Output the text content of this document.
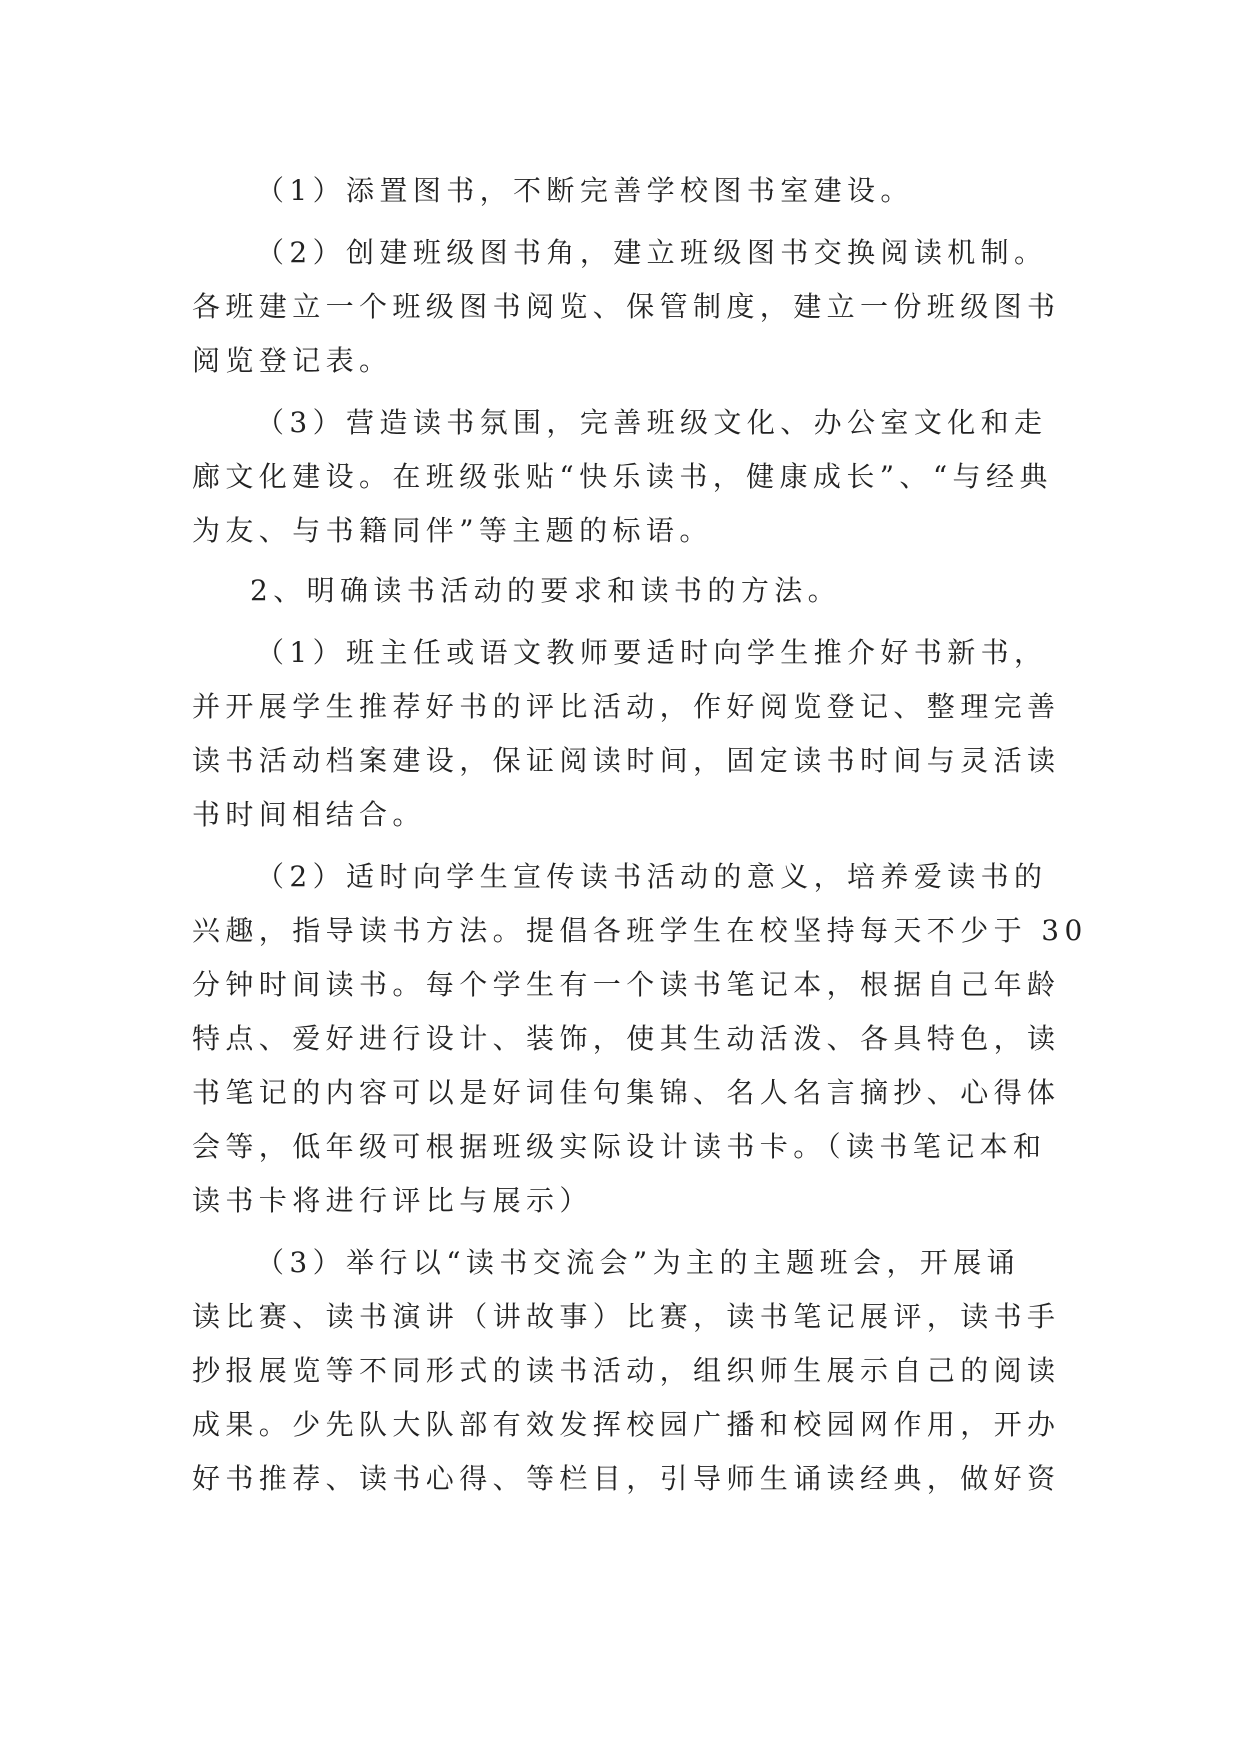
（1）添置图书，不断完善学校图书室建设。
（2）创建班级图书角，建立班级图书交换阅读机制。
各班建立一个班级图书阅览、保管制度，建立一份班级图书
阅览登记表。
（3）营造读书氛围，完善班级文化、办公室文化和走
廊文化建设。在班级张贴“快乐读书，健康成长”、“与经典
为友、与书籍同伴”等主题的标语。
2、明确读书活动的要求和读书的方法。
（1）班主任或语文教师要适时向学生推介好书新书，
并开展学生推荐好书的评比活动，作好阅览登记、整理完善
读书活动档案建设，保证阅读时间，固定读书时间与灵活读
书时间相结合。
（2）适时向学生宣传读书活动的意义，培养爱读书的
兴趣，指导读书方法。提倡各班学生在校坚持每天不少于 30
分钟时间读书。每个学生有一个读书笔记本，根据自己年龄
特点、爱好进行设计、装饰，使其生动活泼、各具特色，读
书笔记的内容可以是好词佳句集锦、名人名言摘抄、心得体
会等，低年级可根据班级实际设计读书卡。（读书笔记本和
读书卡将进行评比与展示）
（3）举行以“读书交流会”为主的主题班会，开展诵
读比赛、读书演讲（讲故事）比赛，读书笔记展评，读书手
抄报展览等不同形式的读书活动，组织师生展示自己的阅读
成果。少先队大队部有效发挥校园广播和校园网作用，开办
好书推荐、读书心得、等栏目，引导师生诵读经典，做好资
